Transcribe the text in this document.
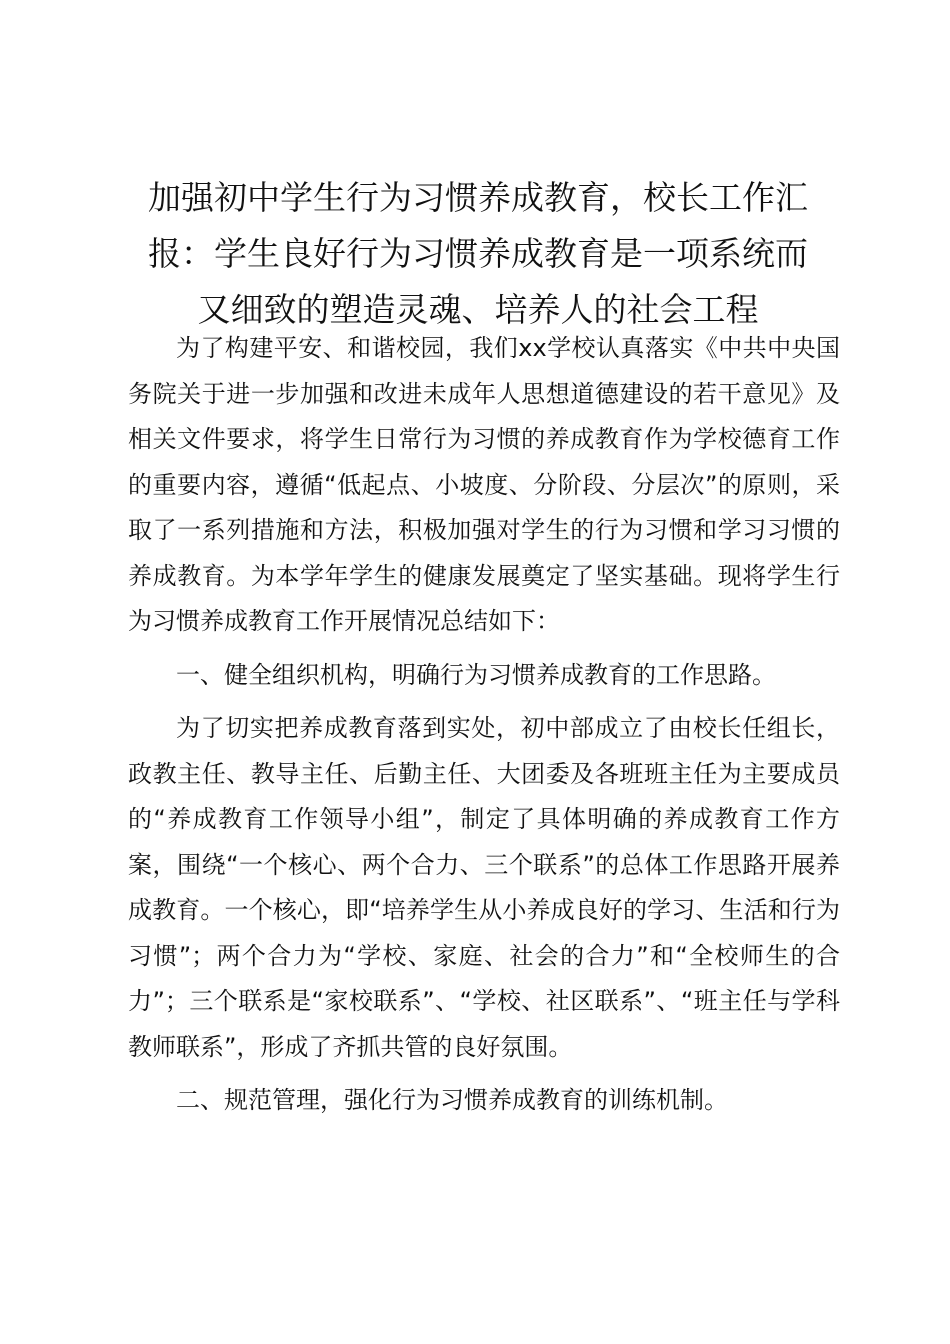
加强初中学生行为习惯养成教育，校长工作汇
报：学生良好行为习惯养成教育是一项系统而
又细致的塑造灵魂、培养人的社会工程

为了构建平安、和谐校园，我们xx学校认真落实《中共中央国务院关于进一步加强和改进未成年人思想道德建设的若干意见》及相关文件要求，将学生日常行为习惯的养成教育作为学校德育工作的重要内容，遵循“低起点、小坡度、分阶段、分层次”的原则，采取了一系列措施和方法，积极加强对学生的行为习惯和学习习惯的养成教育。为本学年学生的健康发展奠定了坚实基础。现将学生行为习惯养成教育工作开展情况总结如下：

一、健全组织机构，明确行为习惯养成教育的工作思路。

为了切实把养成教育落到实处，初中部成立了由校长任组长，政教主任、教导主任、后勤主任、大团委及各班班主任为主要成员的“养成教育工作领导小组”，制定了具体明确的养成教育工作方案，围绕“一个核心、两个合力、三个联系”的总体工作思路开展养成教育。一个核心，即“培养学生从小养成良好的学习、生活和行为习惯”；两个合力为“学校、家庭、社会的合力”和“全校师生的合力”；三个联系是“家校联系”、“学校、社区联系”、“班主任与学科教师联系”，形成了齐抓共管的良好氛围。

二、规范管理，强化行为习惯养成教育的训练机制。
